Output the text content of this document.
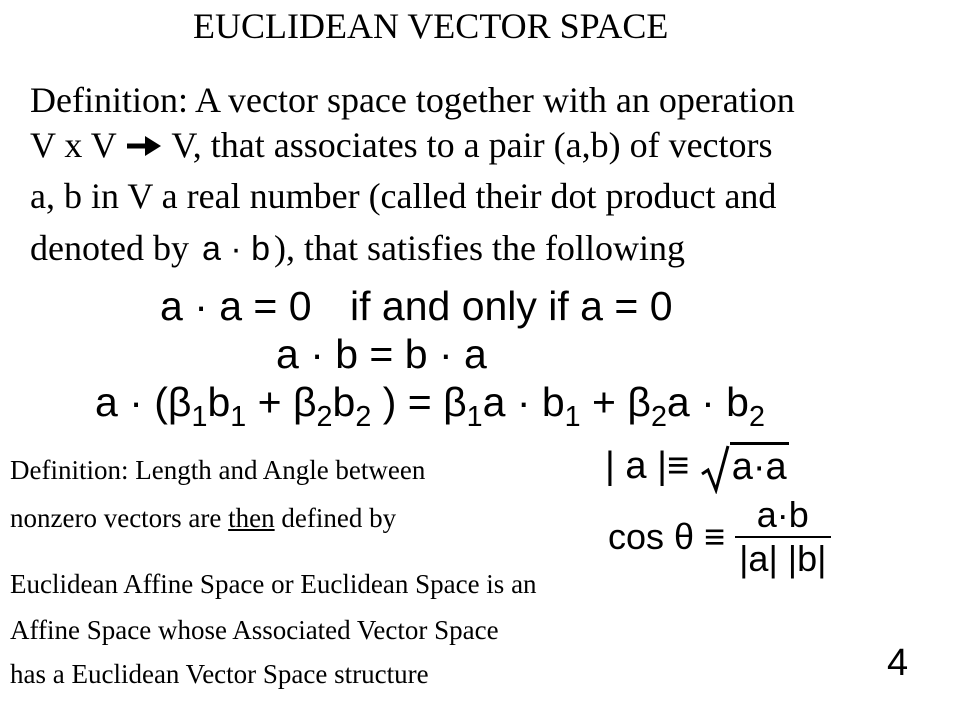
EUCLIDEAN VECTOR SPACE
Definition: A vector space together with an operation
V x V  V, that associates to a pair (a,b) of vectors
a, b in V a real number (called their dot product and
denoted by a · b ), that satisfies the following
a · a = 0 if and only if a = 0
a · b = b · a
$a \cdot (\beta_1b_1 + \beta_2b_2$ ) = $\beta_1a \cdot b_1 + \beta_2a \cdot b_2$
Definition: Length and Angle between
nonzero vectors are then defined by
| a |≡ a·a
$\cos \theta \equiv \frac{a\cdot b}{|a| |b|}$
Euclidean Affine Space or Euclidean Space is an
Affine Space whose Associated Vector Space
has a Euclidean Vector Space structure	4
